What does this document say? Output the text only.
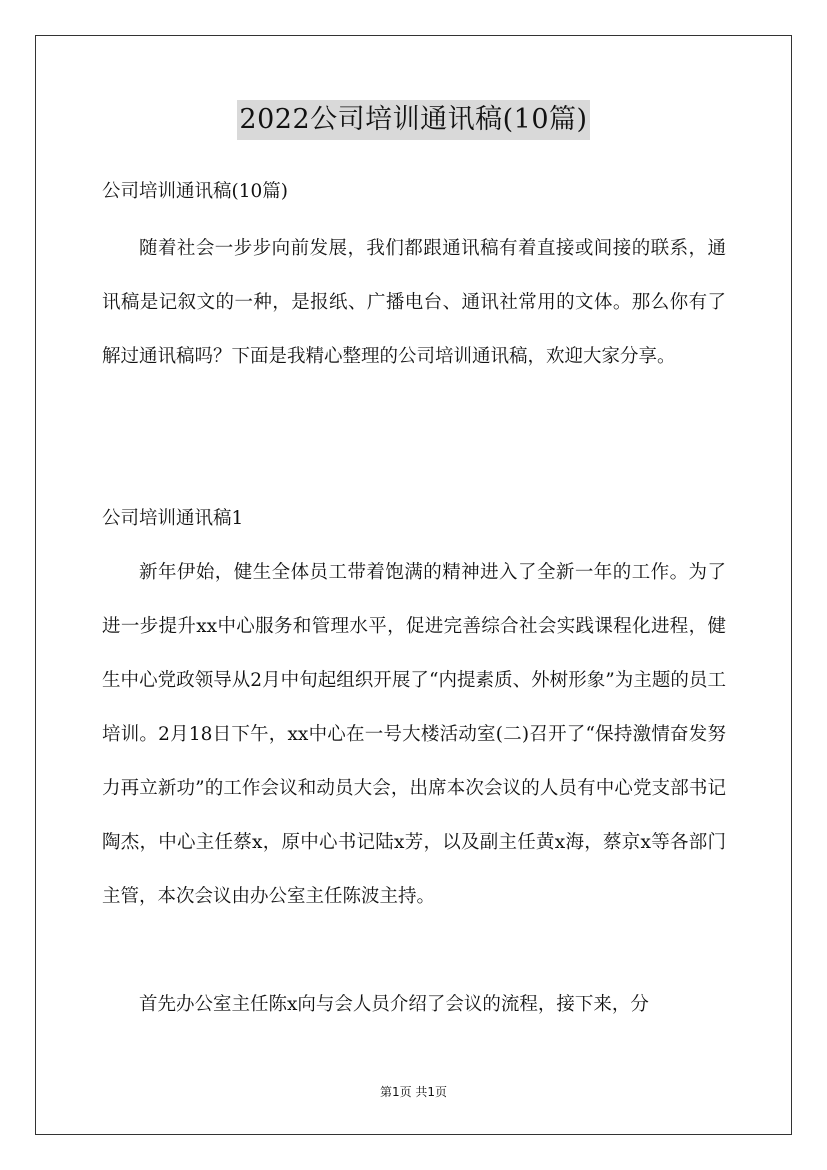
2022公司培训通讯稿(10篇)
公司培训通讯稿(10篇)
随着社会一步步向前发展，我们都跟通讯稿有着直接或间接的联系，通讯稿是记叙文的一种，是报纸、广播电台、通讯社常用的文体。那么你有了解过通讯稿吗？下面是我精心整理的公司培训通讯稿，欢迎大家分享。
公司培训通讯稿1
新年伊始，健生全体员工带着饱满的精神进入了全新一年的工作。为了进一步提升xx中心服务和管理水平，促进完善综合社会实践课程化进程，健生中心党政领导从2月中旬起组织开展了“内提素质、外树形象”为主题的员工培训。2月18日下午，xx中心在一号大楼活动室(二)召开了“保持激情奋发努力再立新功”的工作会议和动员大会，出席本次会议的人员有中心党支部书记陶杰，中心主任蔡x，原中心书记陆x芳，以及副主任黄x海，蔡京x等各部门主管，本次会议由办公室主任陈波主持。
首先办公室主任陈x向与会人员介绍了会议的流程，接下来，分
第1页 共1页
